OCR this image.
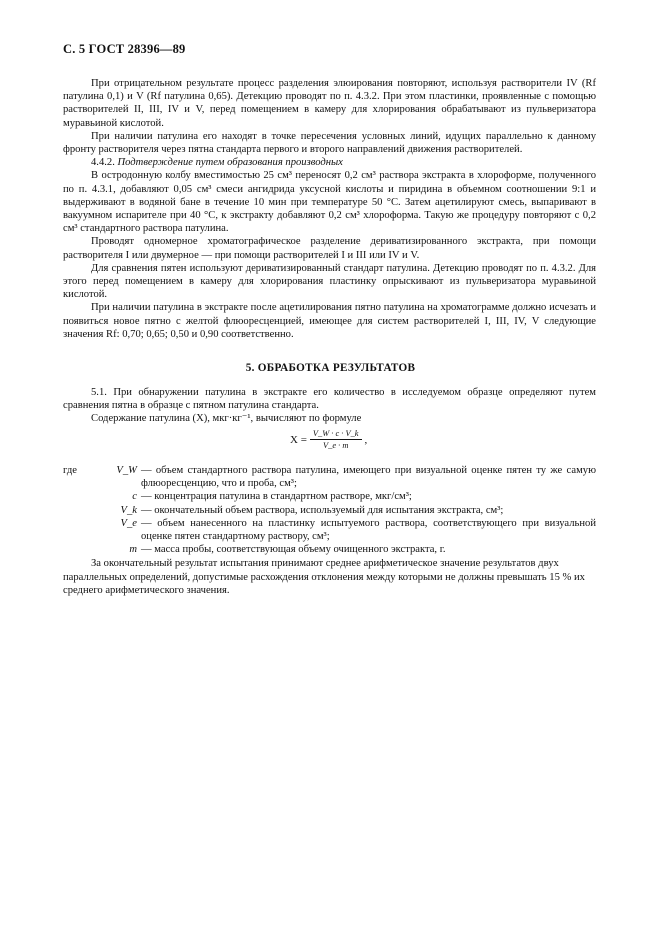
С. 5 ГОСТ 28396—89

При отрицательном результате процесс разделения элюирования повторяют, используя растворители IV (Rf патулина 0,1) и V (Rf патулина 0,65). Детекцию проводят по п. 4.3.2. При этом пластинки, проявленные с помощью растворителей II, III, IV и V, перед помещением в камеру для хлорирования обрабатывают из пульверизатора муравьиной кислотой.

При наличии патулина его находят в точке пересечения условных линий, идущих параллельно к данному фронту растворителя через пятна стандарта первого и второго направлений движения растворителей.

4.4.2. Подтверждение путем образования производных

В остродонную колбу вместимостью 25 см³ переносят 0,2 см³ раствора экстракта в хлороформе, полученного по п. 4.3.1, добавляют 0,05 см³ смеси ангидрида уксусной кислоты и пиридина в объемном соотношении 9:1 и выдерживают в водяной бане в течение 10 мин при температуре 50 °С. Затем ацетилируют смесь, выпаривают в вакуумном испарителе при 40 °С, к экстракту добавляют 0,2 см³ хлороформа. Такую же процедуру повторяют с 0,2 см³ стандартного раствора патулина.

Проводят одномерное хроматографическое разделение дериватизированного экстракта, при помощи растворителя I или двумерное — при помощи растворителей I и III или IV и V.

Для сравнения пятен используют дериватизированный стандарт патулина. Детекцию проводят по п. 4.3.2. Для этого перед помещением в камеру для хлорирования пластинку опрыскивают из пульверизатора муравьиной кислотой.

При наличии патулина в экстракте после ацетилирования пятно патулина на хроматограмме должно исчезать и появиться новое пятно с желтой флюоресценцией, имеющее для систем растворителей I, III, IV, V следующие значения Rf: 0,70; 0,65; 0,50 и 0,90 соответственно.

5. ОБРАБОТКА РЕЗУЛЬТАТОВ

5.1. При обнаружении патулина в экстракте его количество в исследуемом образце определяют путем сравнения пятна в образце с пятном патулина стандарта.

Содержание патулина (X), мкг·кг⁻¹, вычисляют по формуле

$X = \frac{V\_W \cdot c \cdot V\_k}{V\_e \cdot m}$ ,
где	V_W — объем стандартного раствора патулина, имеющего при визуальной оценке пятен ту же самую флюоресценцию, что и проба, см³;
c — концентрация патулина в стандартном растворе, мкг/см³;
V_k — окончательный объем раствора, используемый для испытания экстракта, см³;
V_e — объем нанесенного на пластинку испытуемого раствора, соответствующего при визуальной оценке пятен стандартному раствору, см³;
m — масса пробы, соответствующая объему очищенного экстракта, г.

За окончательный результат испытания принимают среднее арифметическое значение результатов двух параллельных определений, допустимые расхождения отклонения между которыми не должны превышать 15 % их среднего арифметического значения.
